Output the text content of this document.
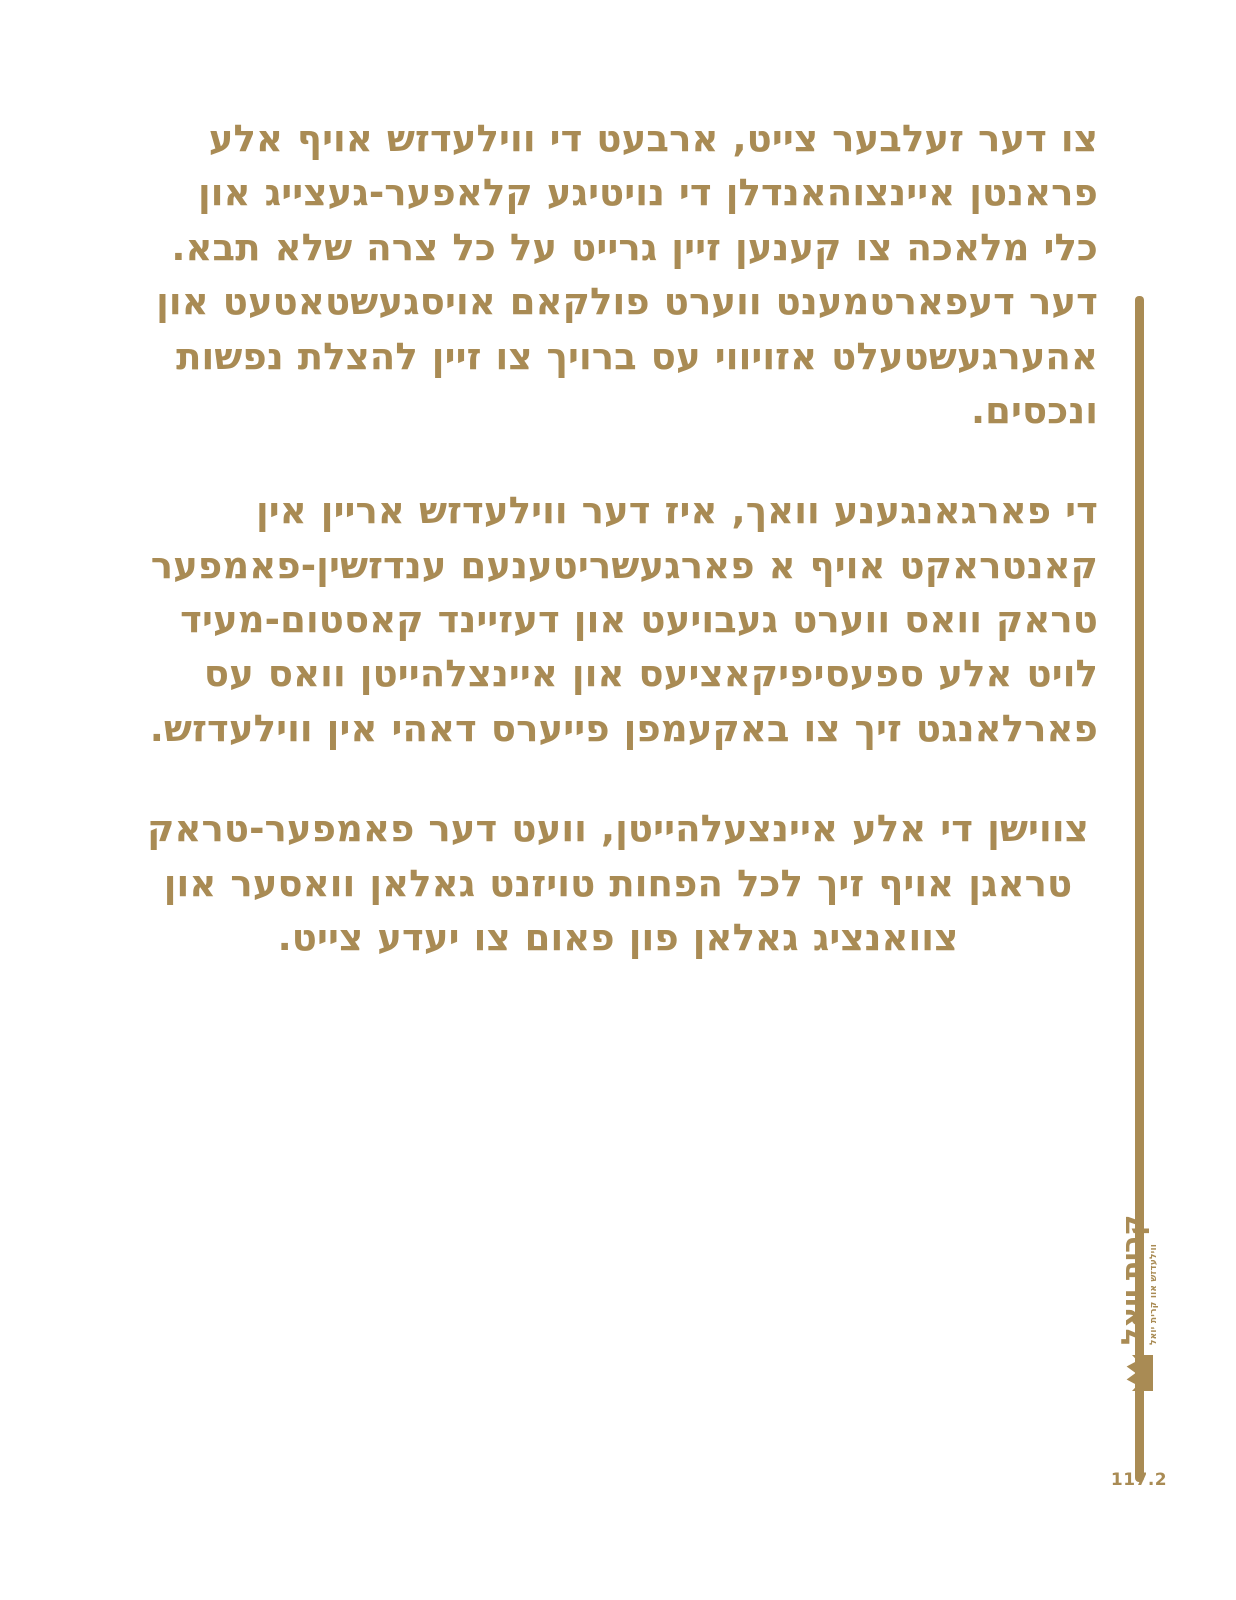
צו דער זעלבער צייט, ארבעט די ווילעדזש אויף אלע פראנטן איינצוהאנדלן די נויטיגע קלאפער-געצייג און כלי מלאכה צו קענען זיין גרייט על כל צרה שלא תבא. דער דעפארטמענט ווערט פולקאם אויסגעשטאטעט און אהערגעשטעלט אזויווי עס ברויך צו זיין להצלת נפשות ונכסים.

די פארגאנגענע וואך, איז דער ווילעדזש אריין אין קאנטראקט אויף א פארגעשריטענעם ענדזשין-פאמפער טראק וואס ווערט געבויעט און דעזיינד קאסטום-מעיד לויט אלע ספעסיפיקאציעס און איינצלהייטן וואס עס פארלאנגט זיך צו באקעמפן פייערס דאהי אין ווילעדזש.

צווישן די אלע איינצעלהייטן, וועט דער פאמפער-טראק טראגן אויף זיך לכל הפחות טויזנט גאלאן וואסער און צוואנציג גאלאן פון פאום צו יעדע צייט.

קרית יואל ווילעדזש אוו קרית יואל
117.2
